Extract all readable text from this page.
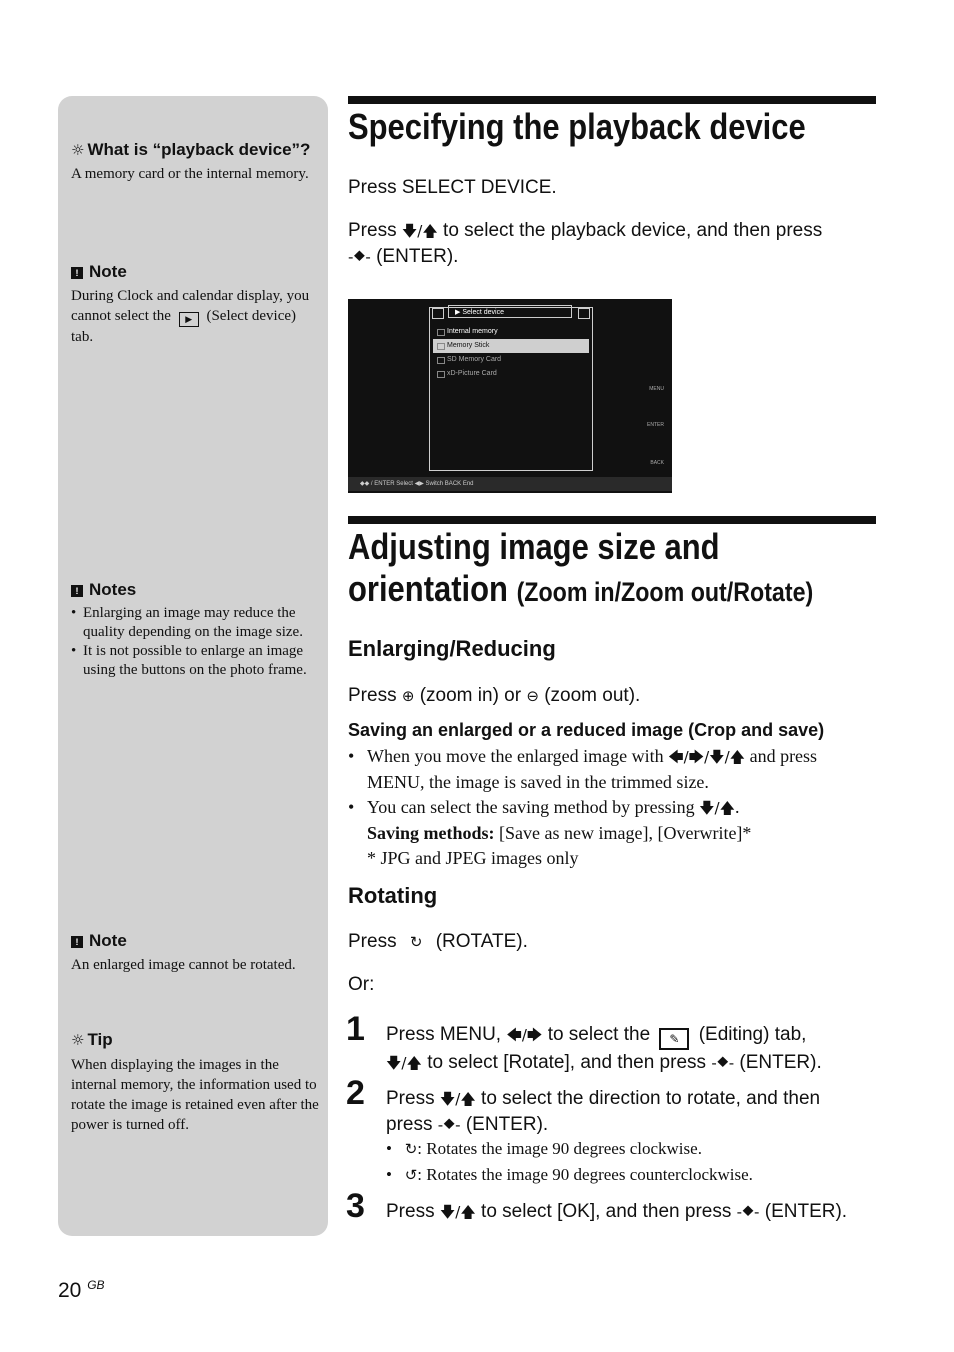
☼ What is “playback device”?
A memory card or the internal memory.
! Note
During Clock and calendar display, you cannot select the ▶ (Select device) tab.
! Notes
• Enlarging an image may reduce the quality depending on the image size.
• It is not possible to enlarge an image using the buttons on the photo frame.
! Note
An enlarged image cannot be rotated.
☼ Tip
When displaying the images in the internal memory, the information used to rotate the image is retained even after the power is turned off.
Specifying the playback device
Press SELECT DEVICE.
Press 🡇/🡅 to select the playback device, and then press
-⯁- (ENTER).
▶ Select device
Internal memory
Memory Stick
SD Memory Card
xD-Picture Card
MENU
ENTER
BACK
◆◆ / ENTER Select ◀▶ Switch BACK End
Adjusting image size and
orientation (Zoom in/Zoom out/Rotate)
Enlarging/Reducing
Press ⊕ (zoom in) or ⊖ (zoom out).
Saving an enlarged or a reduced image (Crop and save)
• When you move the enlarged image with 🡄/🡆/🡇/🡅 and press MENU, the image is saved in the trimmed size.
• You can select the saving method by pressing 🡇/🡅.
Saving methods: [Save as new image], [Overwrite]*
* JPG and JPEG images only
Rotating
Press ↻ (ROTATE).
Or:
1 Press MENU, 🡄/🡆 to select the ✎ (Editing) tab,
🡇/🡅 to select [Rotate], and then press -⯁- (ENTER).
2 Press 🡇/🡅 to select the direction to rotate, and then
press -⯁- (ENTER).
•   ↻: Rotates the image 90 degrees clockwise.
•   ↺: Rotates the image 90 degrees counterclockwise.
3 Press 🡇/🡅 to select [OK], and then press -⯁- (ENTER).
20 $^{GB}$
